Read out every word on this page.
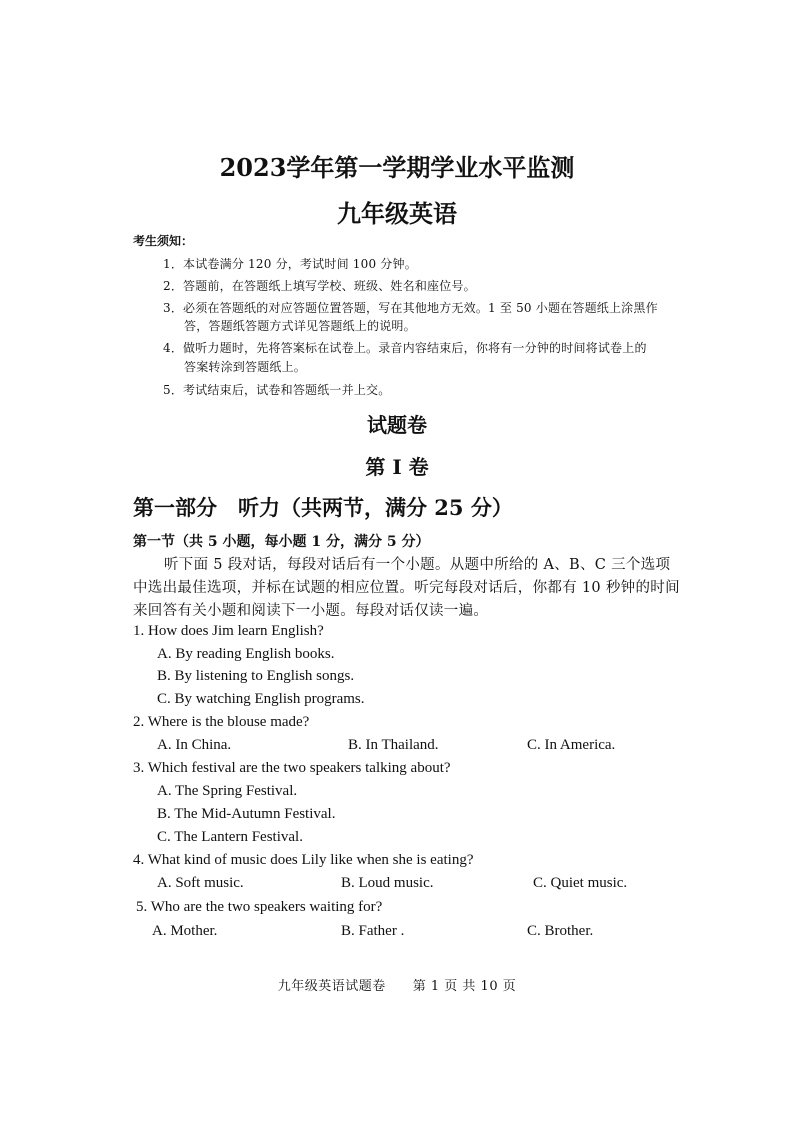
2023学年第一学期学业水平监测
九年级英语
考生须知：
1．本试卷满分 120 分，考试时间 100 分钟。
2．答题前，在答题纸上填写学校、班级、姓名和座位号。
3．必须在答题纸的对应答题位置答题，写在其他地方无效。1 至 50 小题在答题纸上涂黑作
答，答题纸答题方式详见答题纸上的说明。
4．做听力题时，先将答案标在试卷上。录音内容结束后，你将有一分钟的时间将试卷上的
答案转涂到答题纸上。
5．考试结束后，试卷和答题纸一并上交。
试题卷
第 I 卷
第一部分　听力（共两节，满分 25 分）
第一节（共 5 小题，每小题 1 分，满分 5 分）
听下面 5 段对话，每段对话后有一个小题。从题中所给的 A、B、C 三个选项
中选出最佳选项，并标在试题的相应位置。听完每段对话后，你都有 10 秒钟的时间
来回答有关小题和阅读下一小题。每段对话仅读一遍。
1. How does Jim learn English?
A. By reading English books.
B. By listening to English songs.
C. By watching English programs.
2. Where is the blouse made?
A. In China.	B. In Thailand.	C. In America.
3. Which festival are the two speakers talking about?
A. The Spring Festival.
B. The Mid-Autumn Festival.
C. The Lantern Festival.
4. What kind of music does Lily like when she is eating?
A. Soft music.	B. Loud music.	C. Quiet music.
5. Who are the two speakers waiting for?
A. Mother.	B. Father .	C. Brother.
九年级英语试题卷　　第 1 页 共 10 页
